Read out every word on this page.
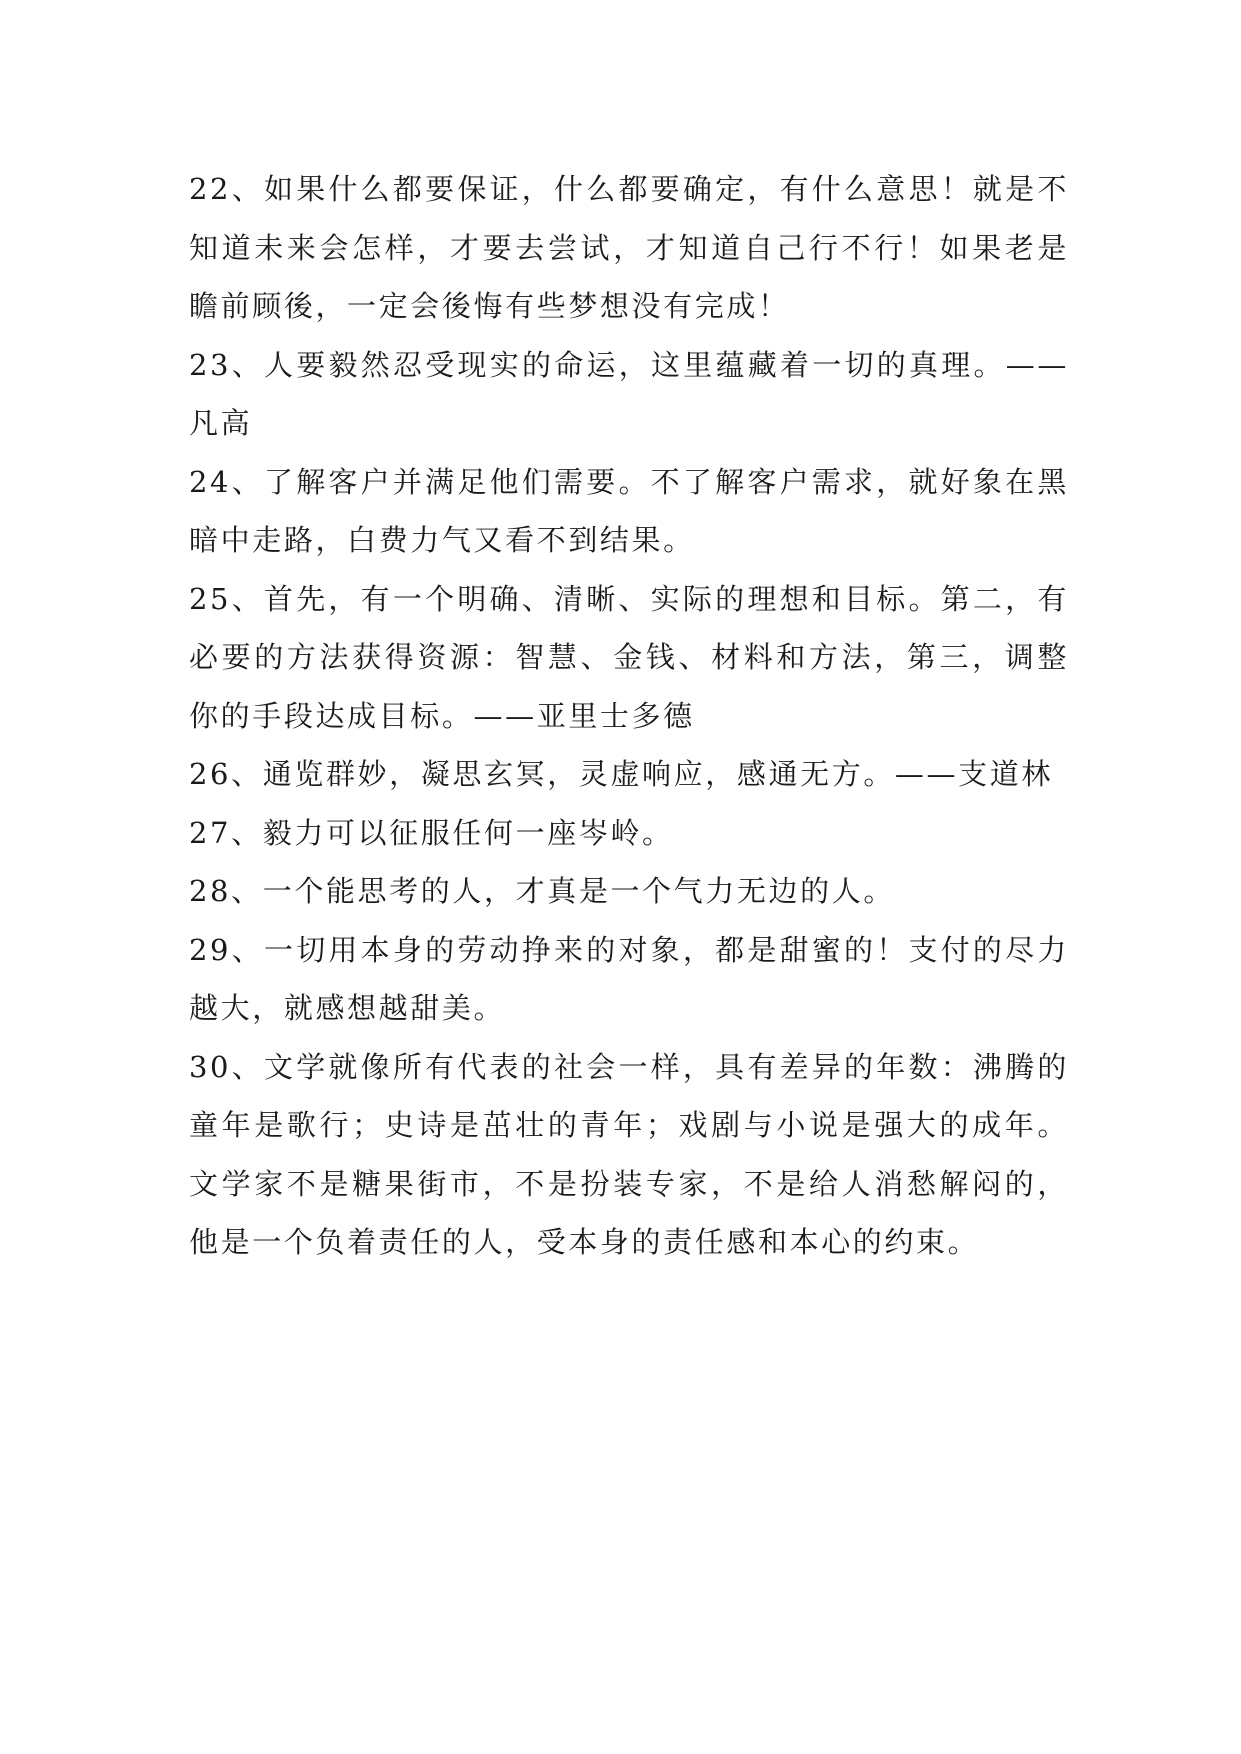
22、如果什么都要保证，什么都要确定，有什么意思！就是不知道未来会怎样，才要去尝试，才知道自己行不行！如果老是瞻前顾後，一定会後悔有些梦想没有完成！

23、人要毅然忍受现实的命运，这里蕴藏着一切的真理。——凡高

24、了解客户并满足他们需要。不了解客户需求，就好象在黑暗中走路，白费力气又看不到结果。

25、首先，有一个明确、清晰、实际的理想和目标。第二，有必要的方法获得资源：智慧、金钱、材料和方法，第三，调整你的手段达成目标。——亚里士多德

26、通览群妙，凝思玄冥，灵虚响应，感通无方。——支道林

27、毅力可以征服任何一座岑岭。

28、一个能思考的人，才真是一个气力无边的人。

29、一切用本身的劳动挣来的对象，都是甜蜜的！支付的尽力越大，就感想越甜美。

30、文学就像所有代表的社会一样，具有差异的年数：沸腾的童年是歌行；史诗是茁壮的青年；戏剧与小说是强大的成年。 文学家不是糖果街市，不是扮装专家，不是给人消愁解闷的，他是一个负着责任的人，受本身的责任感和本心的约束。
